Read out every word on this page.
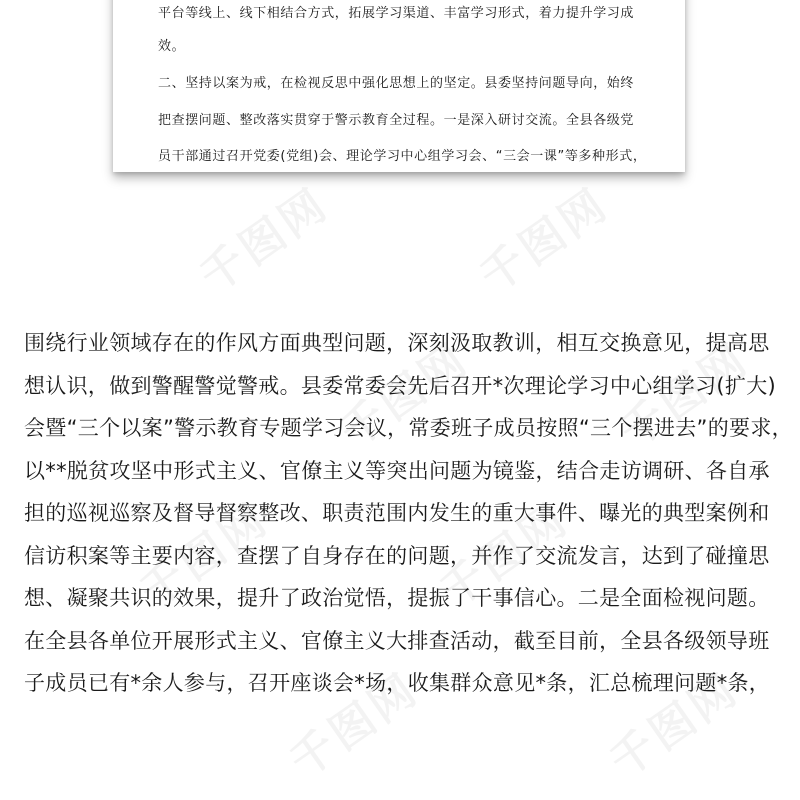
平台等线上、线下相结合方式，拓展学习渠道、丰富学习形式，着力提升学习成

效。

二、坚持以案为戒，在检视反思中强化思想上的坚定。县委坚持问题导向，始终

把查摆问题、整改落实贯穿于警示教育全过程。一是深入研讨交流。全县各级党

员干部通过召开党委(党组)会、理论学习中心组学习会、“三会一课”等多种形式，

千图网	千图网
千图网	千图网
千图网	千图网
千图网	千图网

围绕行业领域存在的作风方面典型问题，深刻汲取教训，相互交换意见，提高思

想认识，做到警醒警觉警戒。县委常委会先后召开*次理论学习中心组学习(扩大)

会暨“三个以案”警示教育专题学习会议，常委班子成员按照“三个摆进去”的要求，

以**脱贫攻坚中形式主义、官僚主义等突出问题为镜鉴，结合走访调研、各自承

担的巡视巡察及督导督察整改、职责范围内发生的重大事件、曝光的典型案例和

信访积案等主要内容，查摆了自身存在的问题，并作了交流发言，达到了碰撞思

想、凝聚共识的效果，提升了政治觉悟，提振了干事信心。二是全面检视问题。

在全县各单位开展形式主义、官僚主义大排查活动，截至目前，全县各级领导班

子成员已有*余人参与，召开座谈会*场，收集群众意见*条，汇总梳理问题*条，
